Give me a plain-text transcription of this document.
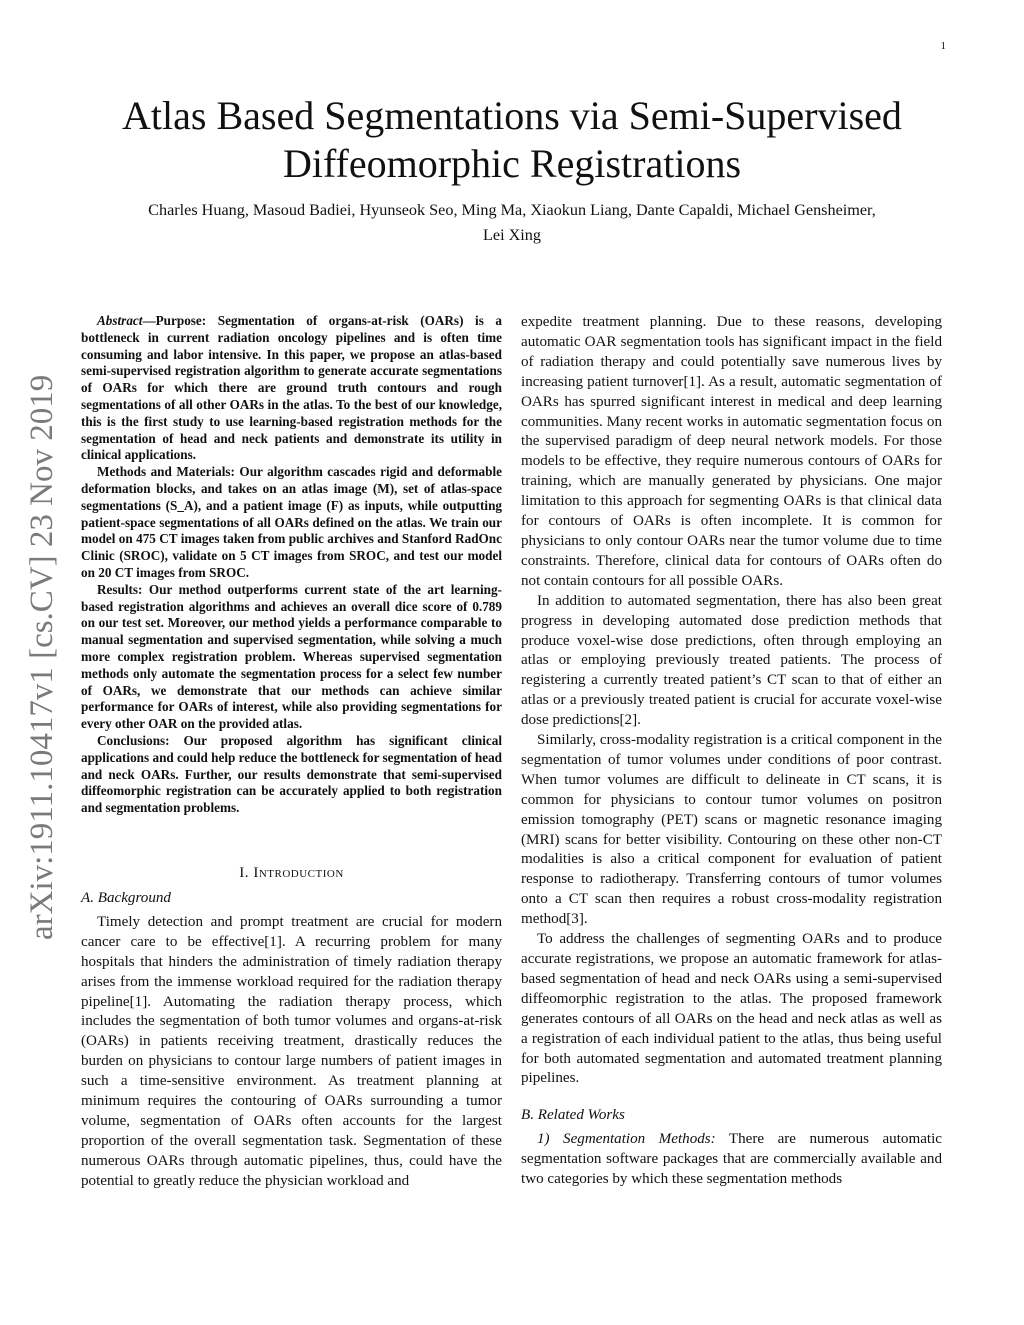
1
arXiv:1911.10417v1 [cs.CV] 23 Nov 2019
Atlas Based Segmentations via Semi-Supervised
Diffeomorphic Registrations
Charles Huang, Masoud Badiei, Hyunseok Seo, Ming Ma, Xiaokun Liang, Dante Capaldi, Michael Gensheimer,
Lei Xing

Abstract—Purpose: Segmentation of organs-at-risk (OARs) is a bottleneck in current radiation oncology pipelines and is often time consuming and labor intensive. In this paper, we propose an atlas-based semi-supervised registration algorithm to generate accurate segmentations of OARs for which there are ground truth contours and rough segmentations of all other OARs in the atlas. To the best of our knowledge, this is the first study to use learning-based registration methods for the segmentation of head and neck patients and demonstrate its utility in clinical applications.

Methods and Materials: Our algorithm cascades rigid and deformable deformation blocks, and takes on an atlas image (M), set of atlas-space segmentations (S_A), and a patient image (F) as inputs, while outputting patient-space segmentations of all OARs defined on the atlas. We train our model on 475 CT images taken from public archives and Stanford RadOnc Clinic (SROC), validate on 5 CT images from SROC, and test our model on 20 CT images from SROC.

Results: Our method outperforms current state of the art learning-based registration algorithms and achieves an overall dice score of 0.789 on our test set. Moreover, our method yields a performance comparable to manual segmentation and supervised segmentation, while solving a much more complex registration problem. Whereas supervised segmentation methods only automate the segmentation process for a select few number of OARs, we demonstrate that our methods can achieve similar performance for OARs of interest, while also providing segmentations for every other OAR on the provided atlas.

Conclusions: Our proposed algorithm has significant clinical applications and could help reduce the bottleneck for segmentation of head and neck OARs. Further, our results demonstrate that semi-supervised diffeomorphic registration can be accurately applied to both registration and segmentation problems.

I. Introduction
A. Background

Timely detection and prompt treatment are crucial for modern cancer care to be effective[1]. A recurring problem for many hospitals that hinders the administration of timely radiation therapy arises from the immense workload required for the radiation therapy pipeline[1]. Automating the radiation therapy process, which includes the segmentation of both tumor volumes and organs-at-risk (OARs) in patients receiving treatment, drastically reduces the burden on physicians to contour large numbers of patient images in such a time-sensitive environment. As treatment planning at minimum requires the contouring of OARs surrounding a tumor volume, segmentation of OARs often accounts for the largest proportion of the overall segmentation task. Segmentation of these numerous OARs through automatic pipelines, thus, could have the potential to greatly reduce the physician workload and

expedite treatment planning. Due to these reasons, developing automatic OAR segmentation tools has significant impact in the field of radiation therapy and could potentially save numerous lives by increasing patient turnover[1]. As a result, automatic segmentation of OARs has spurred significant interest in medical and deep learning communities. Many recent works in automatic segmentation focus on the supervised paradigm of deep neural network models. For those models to be effective, they require numerous contours of OARs for training, which are manually generated by physicians. One major limitation to this approach for segmenting OARs is that clinical data for contours of OARs is often incomplete. It is common for physicians to only contour OARs near the tumor volume due to time constraints. Therefore, clinical data for contours of OARs often do not contain contours for all possible OARs.

In addition to automated segmentation, there has also been great progress in developing automated dose prediction methods that produce voxel-wise dose predictions, often through employing an atlas or employing previously treated patients. The process of registering a currently treated patient’s CT scan to that of either an atlas or a previously treated patient is crucial for accurate voxel-wise dose predictions[2].

Similarly, cross-modality registration is a critical component in the segmentation of tumor volumes under conditions of poor contrast. When tumor volumes are difficult to delineate in CT scans, it is common for physicians to contour tumor volumes on positron emission tomography (PET) scans or magnetic resonance imaging (MRI) scans for better visibility. Contouring on these other non-CT modalities is also a critical component for evaluation of patient response to radiotherapy. Transferring contours of tumor volumes onto a CT scan then requires a robust cross-modality registration method[3].

To address the challenges of segmenting OARs and to produce accurate registrations, we propose an automatic framework for atlas-based segmentation of head and neck OARs using a semi-supervised diffeomorphic registration to the atlas. The proposed framework generates contours of all OARs on the head and neck atlas as well as a registration of each individual patient to the atlas, thus being useful for both automated segmentation and automated treatment planning pipelines.

B. Related Works

1) Segmentation Methods: There are numerous automatic segmentation software packages that are commercially available and two categories by which these segmentation methods
